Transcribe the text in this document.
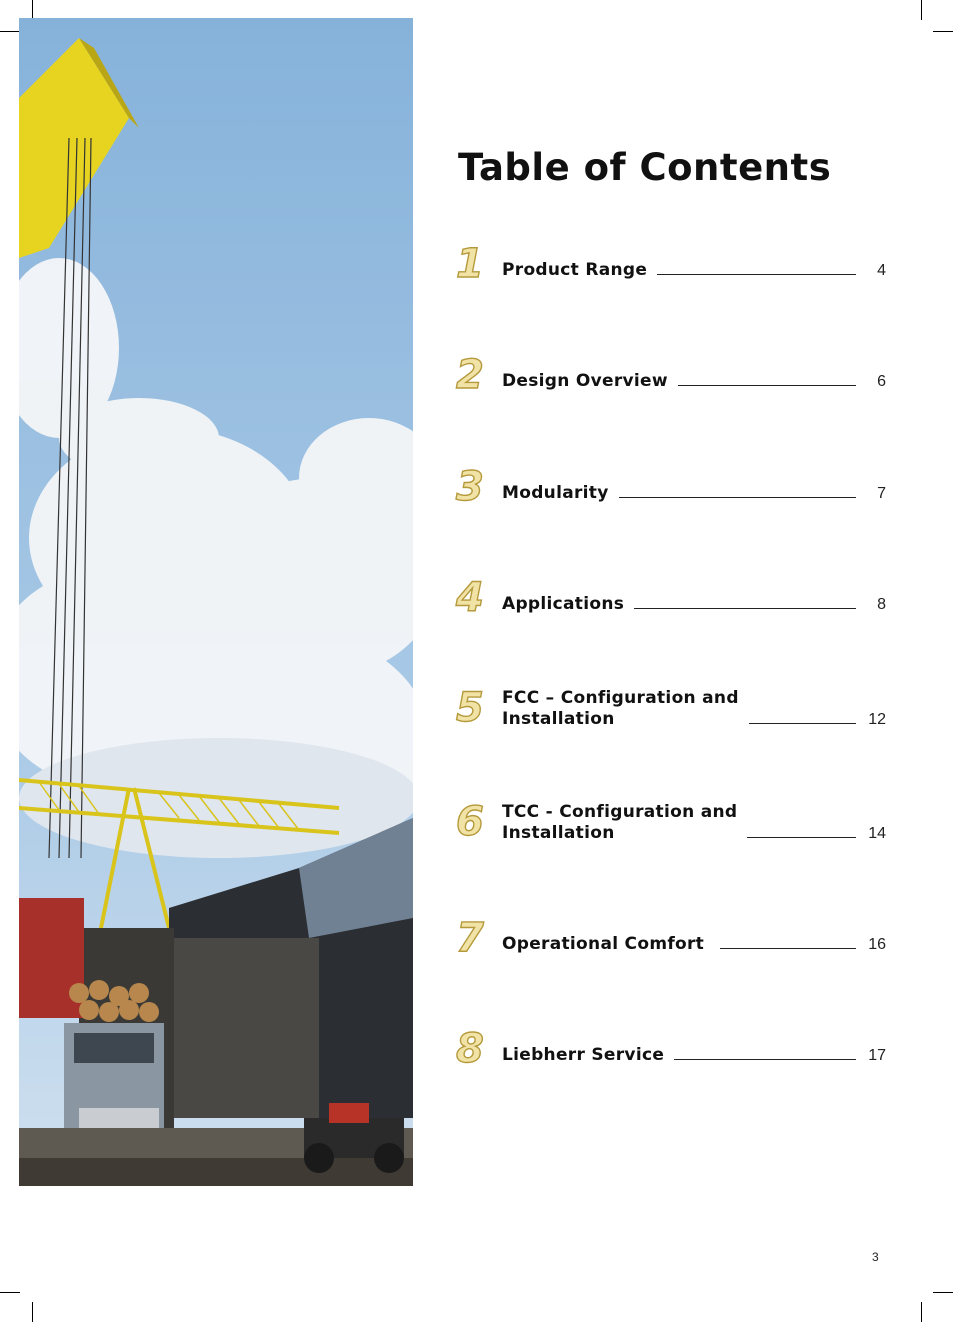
Table of Contents
1 Product Range	4
2 Design Overview	6
3 Modularity	7
4 Applications	8
5 FCC – Configuration and
Installation	12
6 TCC - Configuration and
Installation	14
7 Operational Comfort	16
8 Liebherr Service	17
3
